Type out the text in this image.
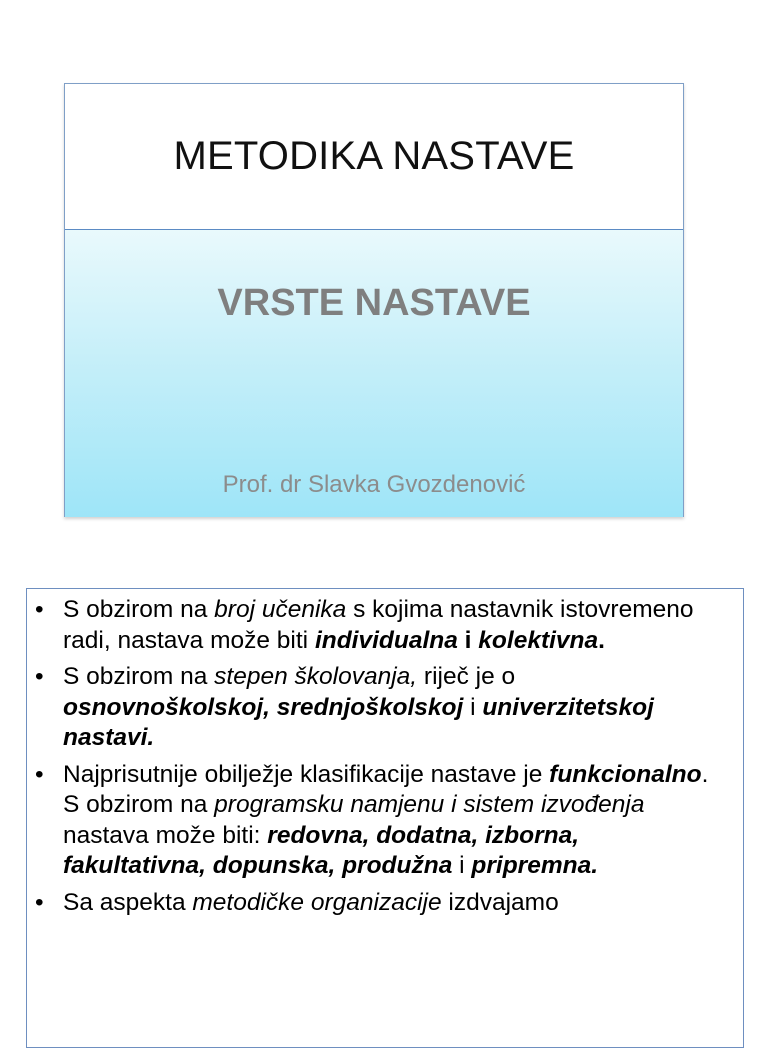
METODIKA NASTAVE
VRSTE NASTAVE
Prof. dr Slavka Gvozdenović
• S obzirom na broj učenika s kojima nastavnik istovremeno radi, nastava može biti individualna i kolektivna.
• S obzirom na stepen školovanja, riječ je o osnovnoškolskoj, srednjoškolskoj i univerzitetskoj nastavi.
• Najprisutnije obilježje klasifikacije nastave je funkcionalno. S obzirom na programsku namjenu i sistem izvođenja nastava može biti: redovna, dodatna, izborna, fakultativna, dopunska, produžna i pripremna.
• Sa aspekta metodičke organizacije izdvajamo
